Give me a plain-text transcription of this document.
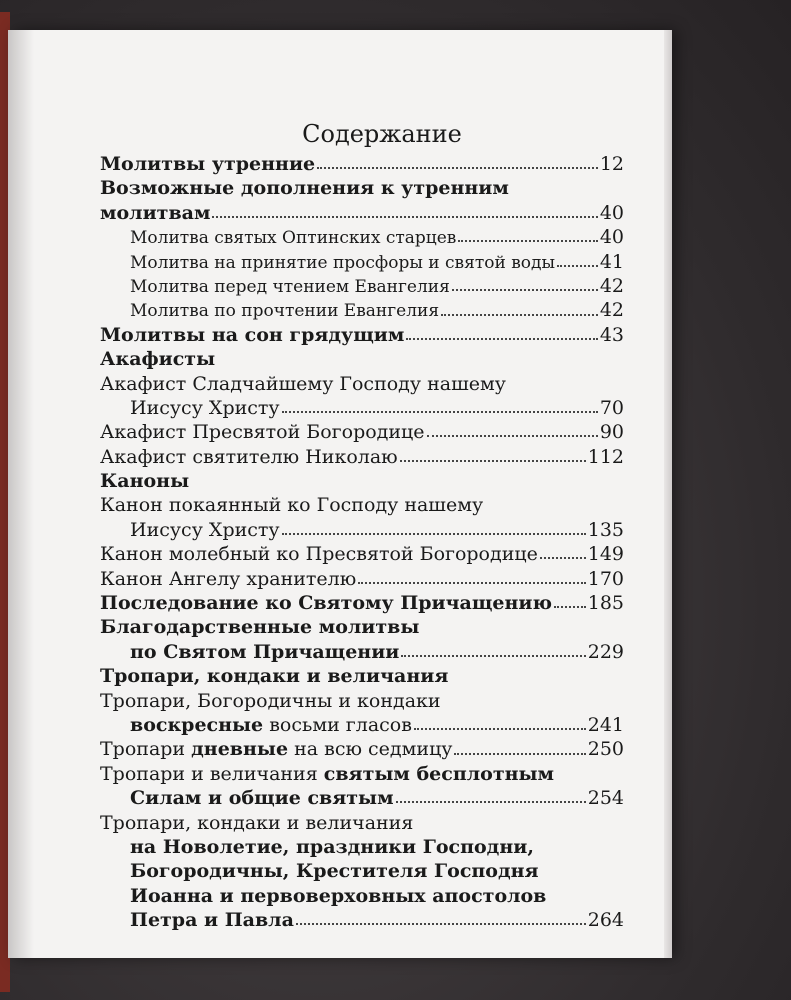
Содержание
Молитвы утренние	12
Возможные дополнения к утренним
молитвам	40
Молитва святых Оптинских старцев	40
Молитва на принятие просфоры и святой воды 41
Молитва перед чтением Евангелия	42
Молитва по прочтении Евангелия	42
Молитвы на сон грядущим	43
Акафисты
Акафист Сладчайшему Господу нашему
Иисусу Христу	70
Акафист Пресвятой Богородице	90
Акафист святителю Николаю	112
Каноны
Канон покаянный ко Господу нашему
Иисусу Христу	135
Канон молебный ко Пресвятой Богородице	149
Канон Ангелу хранителю	170
Последование ко Святому Причащению 185
Благодарственные молитвы
по Святом Причащении	229
Тропари, кондаки и величания
Тропари, Богородичны и кондаки
воскресные восьми гласов	241
Тропари дневные на всю седмицу	250
Тропари и величания святым бесплотным
Силам и общие святым	254
Тропари, кондаки и величания
на Новолетие, праздники Господни,
Богородичны, Крестителя Господня
Иоанна и первоверховных апостолов
Петра и Павла	264
